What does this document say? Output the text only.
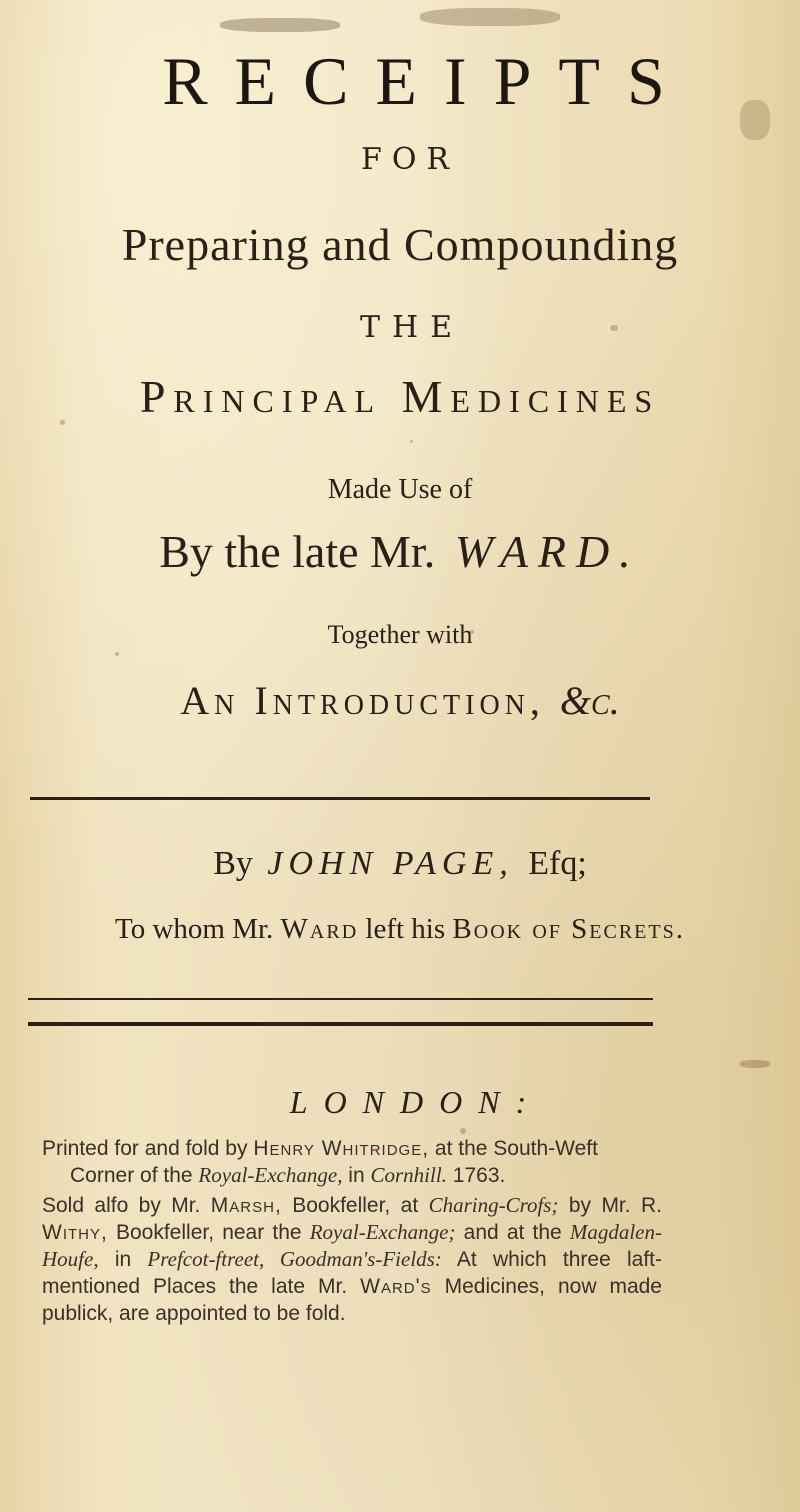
RECEIPTS
FOR
Preparing and Compounding
THE
Principal Medicines
Made Use of
By the late Mr. WARD.
Together with
An Introduction, &c.
By JOHN PAGE, Efq;
To whom Mr. Ward left his Book of Secrets.
LONDON:
Printed for and fold by Henry Whitridge, at the South-Weft
Corner of the Royal-Exchange, in Cornhill. 1763.
Sold alfo by Mr. Marsh, Bookfeller, at Charing-Crofs; by Mr. R. Withy, Bookfeller, near the Royal-Exchange; and at the Magdalen-Houfe, in Prefcot-ftreet, Goodman's-Fields: At which three laft-mentioned Places the late Mr. Ward's Medicines, now made publick, are appointed to be fold.
